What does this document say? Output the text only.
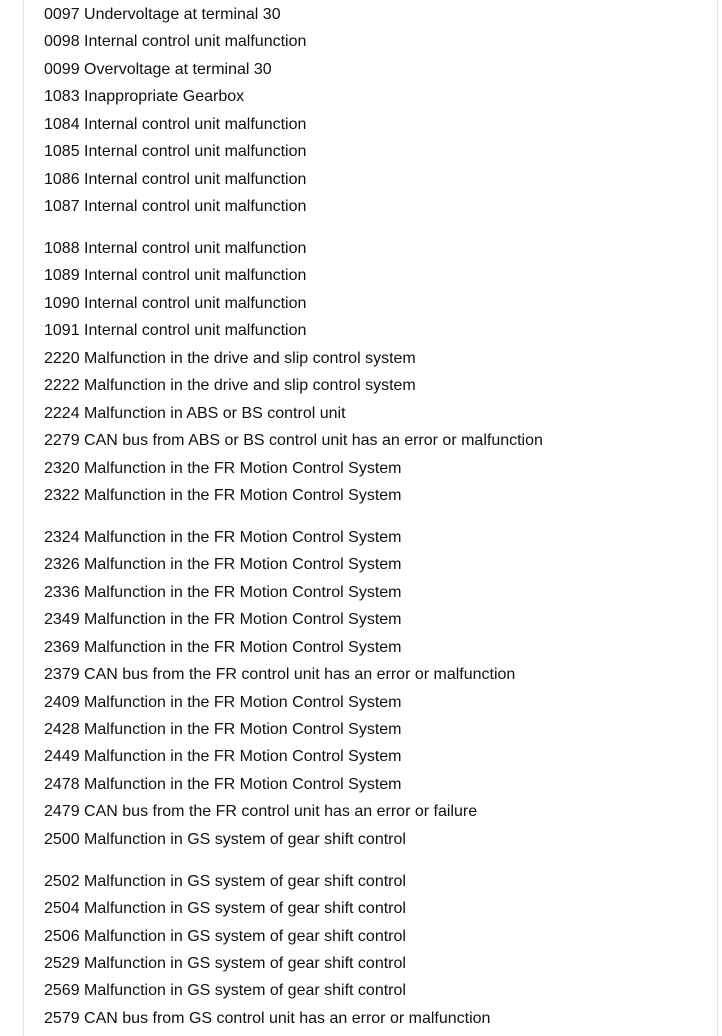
0097 Undervoltage at terminal 30
0098 Internal control unit malfunction
0099 Overvoltage at terminal 30
1083 Inappropriate Gearbox
1084 Internal control unit malfunction
1085 Internal control unit malfunction
1086 Internal control unit malfunction
1087 Internal control unit malfunction
1088 Internal control unit malfunction
1089 Internal control unit malfunction
1090 Internal control unit malfunction
1091 Internal control unit malfunction
2220 Malfunction in the drive and slip control system
2222 Malfunction in the drive and slip control system
2224 Malfunction in ABS or BS control unit
2279 CAN bus from ABS or BS control unit has an error or malfunction
2320 Malfunction in the FR Motion Control System
2322 Malfunction in the FR Motion Control System
2324 Malfunction in the FR Motion Control System
2326 Malfunction in the FR Motion Control System
2336 Malfunction in the FR Motion Control System
2349 Malfunction in the FR Motion Control System
2369 Malfunction in the FR Motion Control System
2379 CAN bus from the FR control unit has an error or malfunction
2409 Malfunction in the FR Motion Control System
2428 Malfunction in the FR Motion Control System
2449 Malfunction in the FR Motion Control System
2478 Malfunction in the FR Motion Control System
2479 CAN bus from the FR control unit has an error or failure
2500 Malfunction in GS system of gear shift control
2502 Malfunction in GS system of gear shift control
2504 Malfunction in GS system of gear shift control
2506 Malfunction in GS system of gear shift control
2529 Malfunction in GS system of gear shift control
2569 Malfunction in GS system of gear shift control
2579 CAN bus from GS control unit has an error or malfunction
